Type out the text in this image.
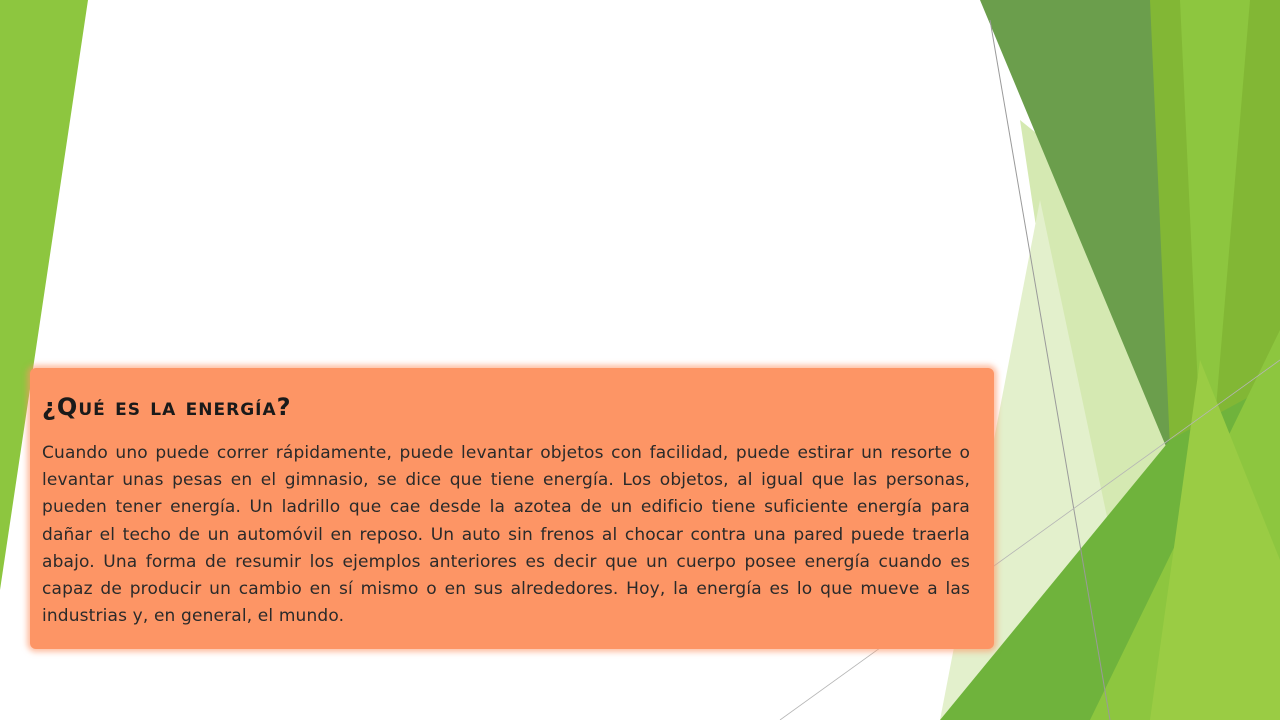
¿Qué es la energía?

Cuando uno puede correr rápidamente, puede levantar objetos con facilidad, puede estirar un resorte o levantar unas pesas en el gimnasio, se dice que tiene energía. Los objetos, al igual que las personas, pueden tener energía. Un ladrillo que cae desde la azotea de un edificio tiene suficiente energía para dañar el techo de un automóvil en reposo. Un auto sin frenos al chocar contra una pared puede traerla abajo. Una forma de resumir los ejemplos anteriores es decir que un cuerpo posee energía cuando es capaz de producir un cambio en sí mismo o en sus alrededores. Hoy, la energía es lo que mueve a las industrias y, en general, el mundo.
